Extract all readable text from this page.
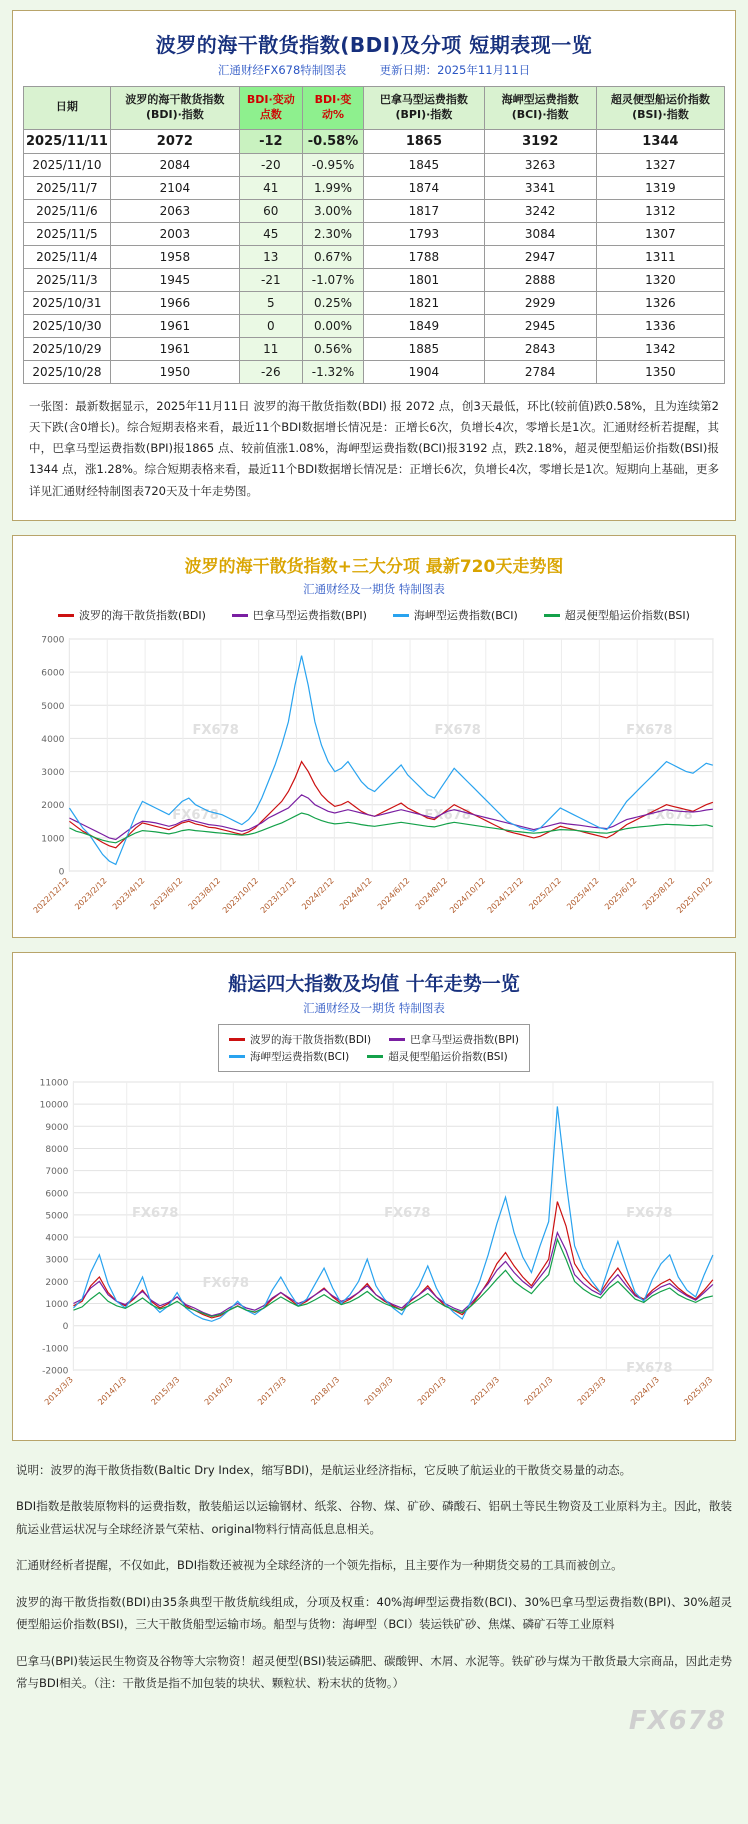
波罗的海干散货指数(BDI)及分项 短期表现一览
汇通财经FX678特制图表	更新日期：2025年11月11日
日期	波罗的海干散货指数(BDI)·指数	BDI·变动点数	BDI·变动%	巴拿马型运费指数(BPI)·指数	海岬型运费指数(BCI)·指数	超灵便型船运价指数(BSI)·指数
2025/11/11	2072	-12	-0.58%	1865	3192	1344
2025/11/10	2084	-20	-0.95%	1845	3263	1327
2025/11/7	2104	41	1.99%	1874	3341	1319
2025/11/6	2063	60	3.00%	1817	3242	1312
2025/11/5	2003	45	2.30%	1793	3084	1307
2025/11/4	1958	13	0.67%	1788	2947	1311
2025/11/3	1945	-21	-1.07%	1801	2888	1320
2025/10/31	1966	5	0.25%	1821	2929	1326
2025/10/30	1961	0	0.00%	1849	2945	1336
2025/10/29	1961	11	0.56%	1885	2843	1342
2025/10/28	1950	-26	-1.32%	1904	2784	1350
一张图：最新数据显示，2025年11月11日 波罗的海干散货指数(BDI) 报 2072 点，创3天最低，环比(较前值)跌0.58%，且为连续第2天下跌(含0增长)。综合短期表格来看，最近11个BDI数据增长情况是：正增长6次，负增长4次，零增长是1次。汇通财经析若提醒，其中，巴拿马型运费指数(BPI)报1865 点、较前值涨1.08%，海岬型运费指数(BCI)报3192 点，跌2.18%，超灵便型船运价指数(BSI)报1344 点，涨1.28%。综合短期表格来看，最近11个BDI数据增长情况是：正增长6次，负增长4次，零增长是1次。短期向上基础，更多详见汇通财经特制图表720天及十年走势图。
波罗的海干散货指数+三大分项 最新720天走势图
汇通财经及一期货 特制图表
波罗的海干散货指数(BDI)	巴拿马型运费指数(BPI)	海岬型运费指数(BCI)	超灵便型船运价指数(BSI)
0
1000
2000
3000
4000
5000
6000
7000
2022/12/12 2023/2/12 2023/4/12 2023/6/12 2023/8/12
2023/10/12
2023/12/12 2024/2/12 2024/4/12 2024/6/12 2024/8/12
2024/10/12
2024/12/12 2025/2/12 2025/4/12 2025/6/12 2025/8/12
2025/10/12
FX678	FX678	FX678
FX678	FX678	FX678
船运四大指数及均值 十年走势一览
汇通财经及一期货 特制图表
波罗的海干散货指数(BDI)	巴拿马型运费指数(BPI)
海岬型运费指数(BCI)	超灵便型船运价指数(BSI)
-2000
-1000
0
1000
2000
3000
4000
5000
6000
7000
8000
9000
10000
11000
2013/3/3	2014/1/3	2015/3/3	2016/1/3	2017/3/3	2018/1/3	2019/3/3	2020/1/3	2021/3/3	2022/1/3	2023/3/3	2024/1/3	2025/3/3
FX678	FX678	FX678
FX678
FX678
说明：波罗的海干散货指数(Baltic Dry Index，缩写BDI)，是航运业经济指标，它反映了航运业的干散货交易量的动态。
BDI指数是散装原物料的运费指数，散装船运以运输钢材、纸浆、谷物、煤、矿砂、磷酸石、铝矾土等民生物资及工业原料为主。因此，散装航运业营运状况与全球经济景气荣枯、original物料行情高低息息相关。
汇通财经析者提醒，不仅如此，BDI指数还被视为全球经济的一个领先指标，且主要作为一种期货交易的工具而被创立。
波罗的海干散货指数(BDI)由35条典型干散货航线组成，分项及权重：40%海岬型运费指数(BCI)、30%巴拿马型运费指数(BPI)、30%超灵便型船运价指数(BSI)，三大干散货船型运输市场。船型与货物：海岬型（BCI）装运铁矿砂、焦煤、磷矿石等工业原料
巴拿马(BPI)装运民生物资及谷物等大宗物资！超灵便型(BSI)装运磷肥、碳酸钾、木屑、水泥等。铁矿砂与煤为干散货最大宗商品，因此走势常与BDI相关。（注：干散货是指不加包装的块状、颗粒状、粉末状的货物。）
FX678
